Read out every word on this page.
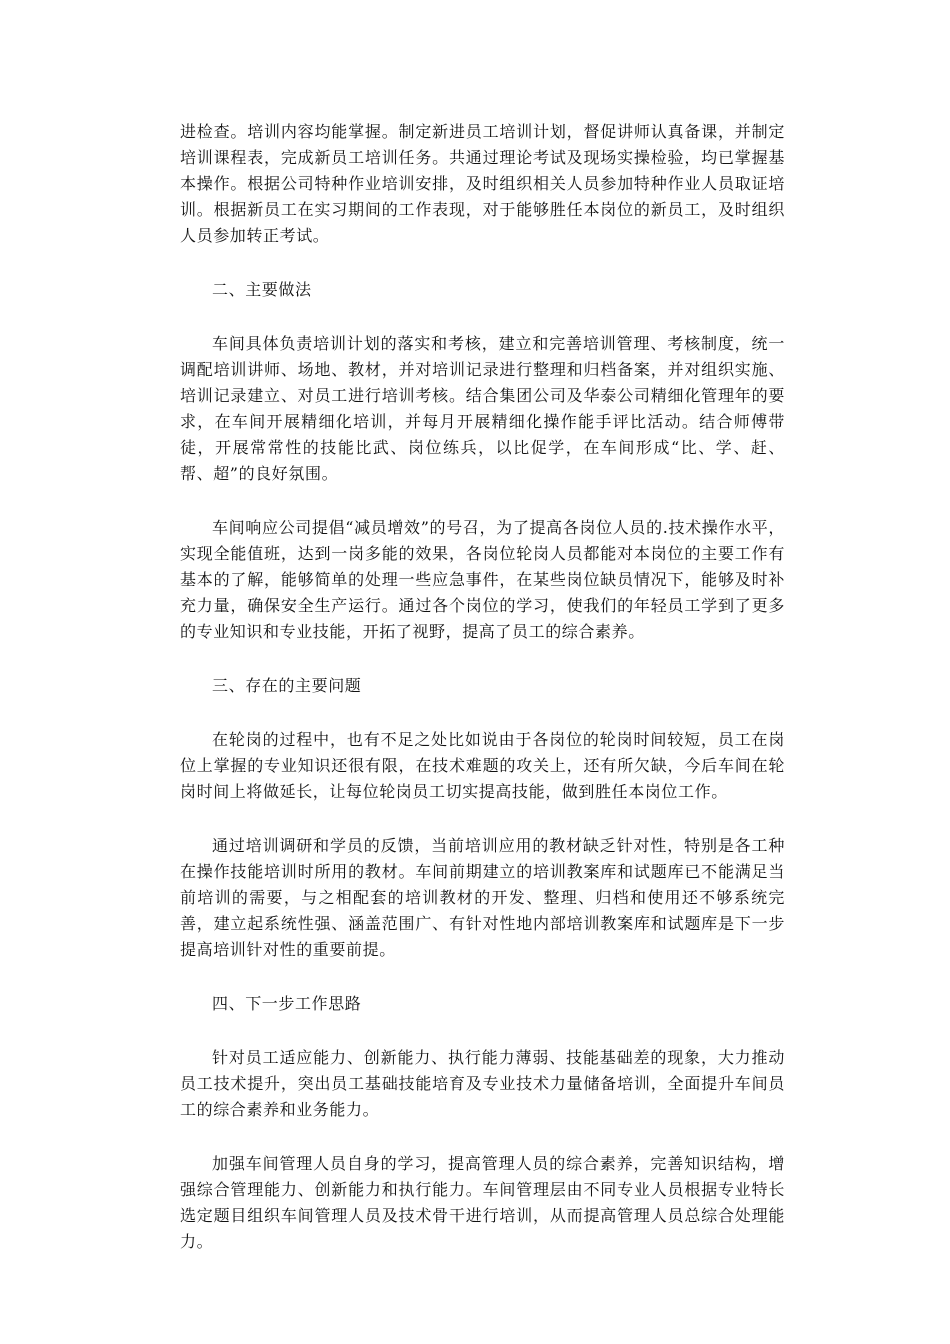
进检查。培训内容均能掌握。制定新进员工培训计划，督促讲师认真备课，并制定培训课程表，完成新员工培训任务。共通过理论考试及现场实操检验，均已掌握基本操作。根据公司特种作业培训安排，及时组织相关人员参加特种作业人员取证培训。根据新员工在实习期间的工作表现，对于能够胜任本岗位的新员工，及时组织人员参加转正考试。

二、主要做法

车间具体负责培训计划的落实和考核，建立和完善培训管理、考核制度，统一调配培训讲师、场地、教材，并对培训记录进行整理和归档备案，并对组织实施、培训记录建立、对员工进行培训考核。结合集团公司及华泰公司精细化管理年的要求，在车间开展精细化培训，并每月开展精细化操作能手评比活动。结合师傅带徒，开展常常性的技能比武、岗位练兵，以比促学，在车间形成“比、学、赶、帮、超”的良好氛围。

车间响应公司提倡“减员增效”的号召，为了提高各岗位人员的.技术操作水平，实现全能值班，达到一岗多能的效果，各岗位轮岗人员都能对本岗位的主要工作有基本的了解，能够简单的处理一些应急事件，在某些岗位缺员情况下，能够及时补充力量，确保安全生产运行。通过各个岗位的学习，使我们的年轻员工学到了更多的专业知识和专业技能，开拓了视野，提高了员工的综合素养。

三、存在的主要问题

在轮岗的过程中，也有不足之处比如说由于各岗位的轮岗时间较短，员工在岗位上掌握的专业知识还很有限，在技术难题的攻关上，还有所欠缺，今后车间在轮岗时间上将做延长，让每位轮岗员工切实提高技能，做到胜任本岗位工作。

通过培训调研和学员的反馈，当前培训应用的教材缺乏针对性，特别是各工种在操作技能培训时所用的教材。车间前期建立的培训教案库和试题库已不能满足当前培训的需要，与之相配套的培训教材的开发、整理、归档和使用还不够系统完善，建立起系统性强、涵盖范围广、有针对性地内部培训教案库和试题库是下一步提高培训针对性的重要前提。

四、下一步工作思路

针对员工适应能力、创新能力、执行能力薄弱、技能基础差的现象，大力推动员工技术提升，突出员工基础技能培育及专业技术力量储备培训，全面提升车间员工的综合素养和业务能力。

加强车间管理人员自身的学习，提高管理人员的综合素养，完善知识结构，增强综合管理能力、创新能力和执行能力。车间管理层由不同专业人员根据专业特长选定题目组织车间管理人员及技术骨干进行培训，从而提高管理人员总综合处理能力。
